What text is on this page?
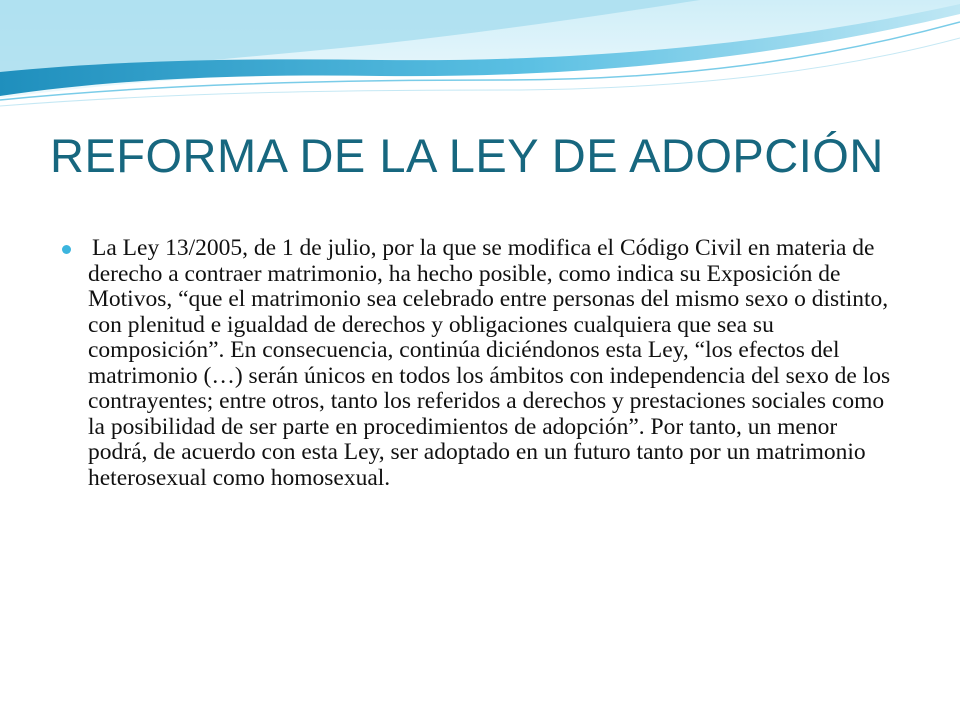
REFORMA DE LA LEY DE ADOPCIÓN

La Ley 13/2005, de 1 de julio, por la que se modifica el Código Civil en materia de derecho a contraer matrimonio, ha hecho posible, como indica su Exposición de Motivos, “que el matrimonio sea celebrado entre personas del mismo sexo o distinto, con plenitud e igualdad de derechos y obligaciones cualquiera que sea su composición”. En consecuencia, continúa diciéndonos esta Ley, “los efectos del matrimonio (…) serán únicos en todos los ámbitos con independencia del sexo de los contrayentes; entre otros, tanto los referidos a derechos y prestaciones sociales como la posibilidad de ser parte en procedimientos de adopción”. Por tanto, un menor podrá, de acuerdo con esta Ley, ser adoptado en un futuro tanto por un matrimonio heterosexual como homosexual.
